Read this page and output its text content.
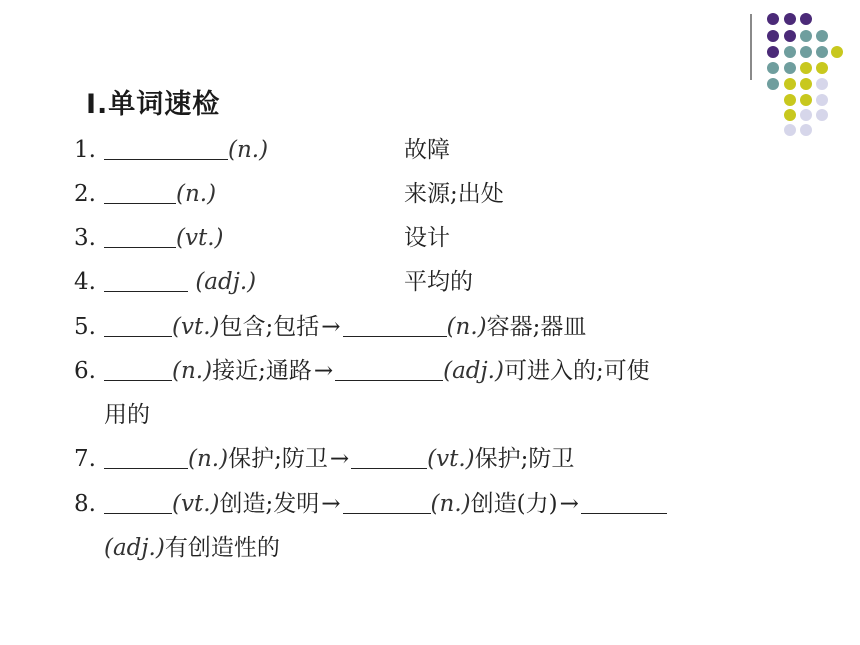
Ⅰ.单词速检
1.	(n.)	故障
2.	(n.)	来源;出处
3.	(vt.)	设计
4.	(adj.)	平均的
5.	(vt.)包含;包括→	(n.)容器;器皿
6.	(n.)接近;通路→	(adj.)可进入的;可使
用的
7.	(n.)保护;防卫→	(vt.)保护;防卫
8.	(vt.)创造;发明→	(n.)创造(力)→
(adj.)有创造性的
